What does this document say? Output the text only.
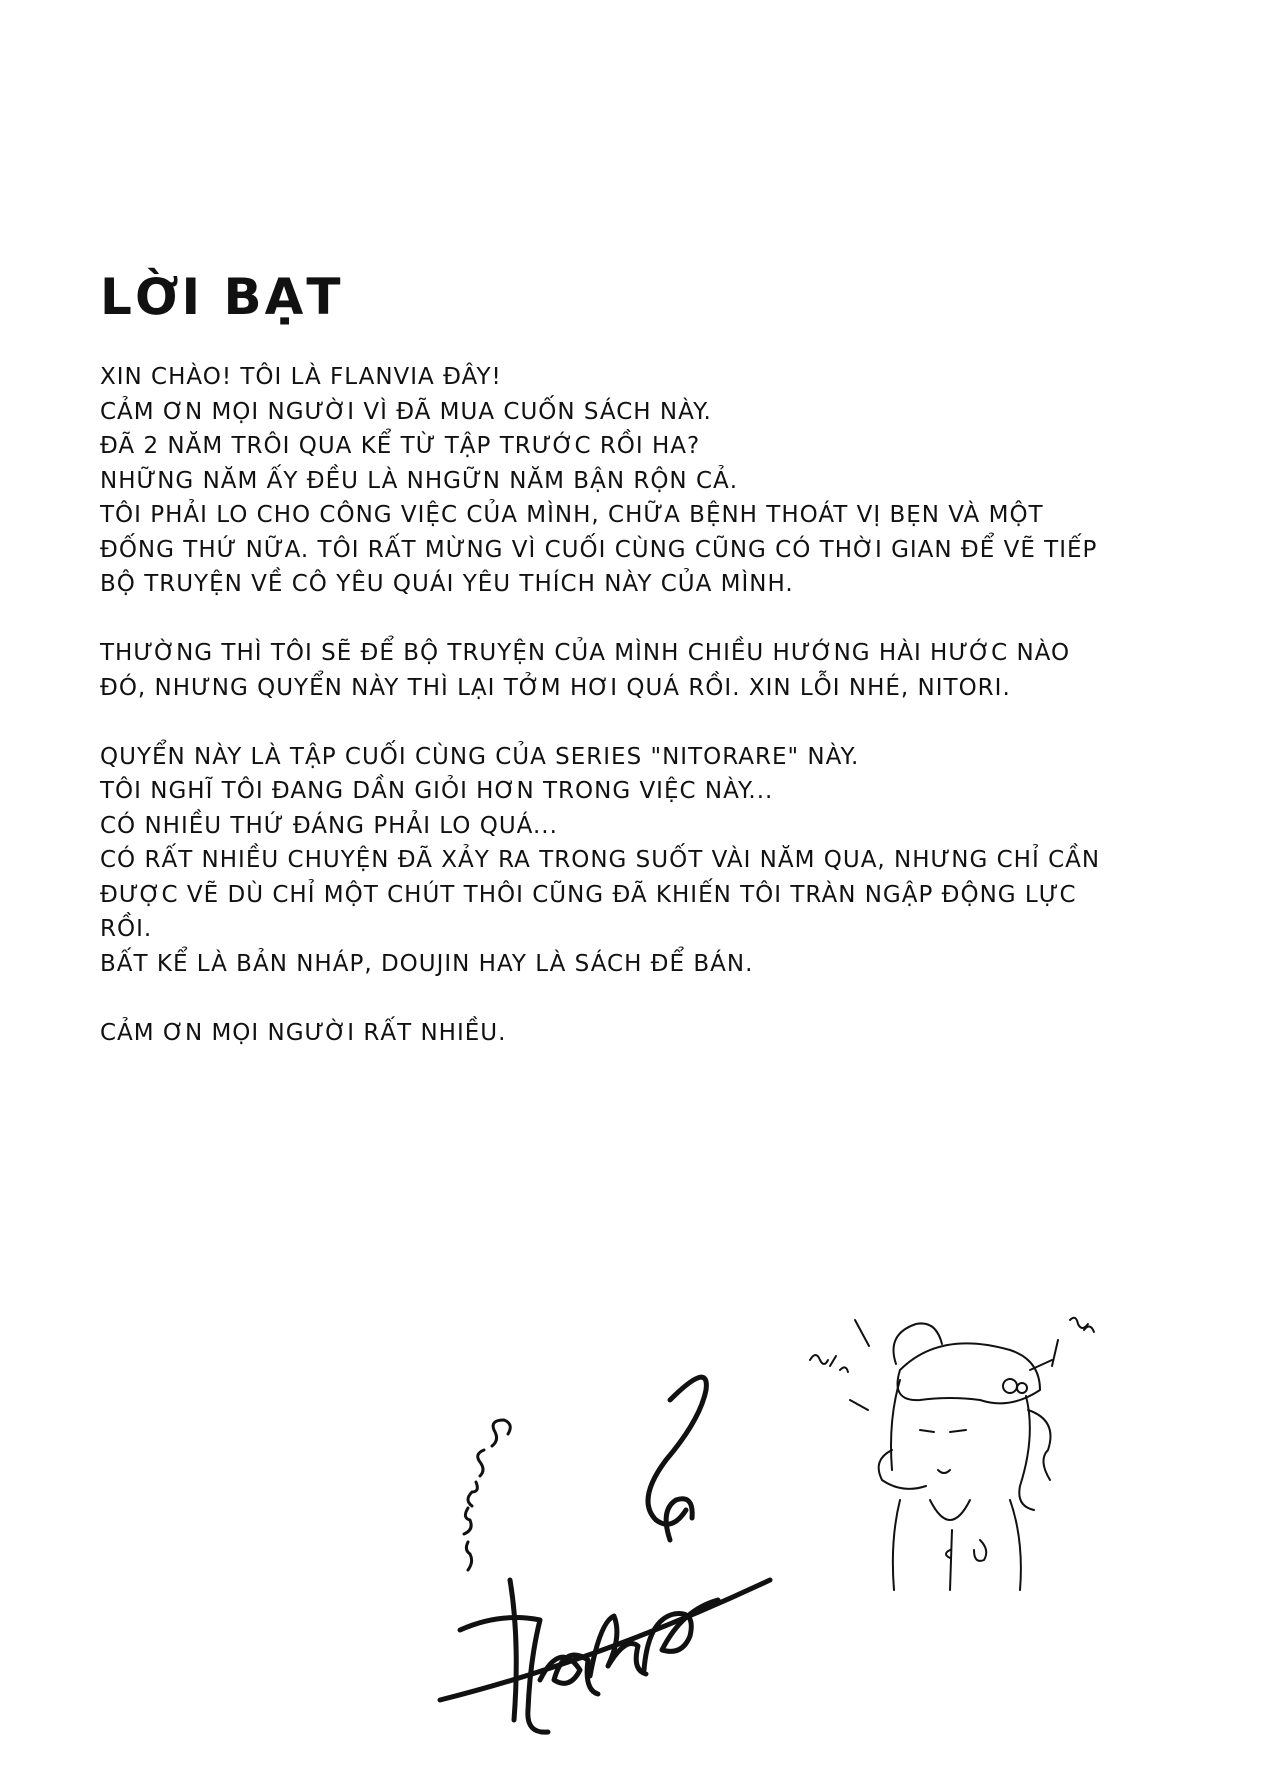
LỜI BẠT

XIN CHÀO! TÔI LÀ FLANVIA ĐÂY!
CẢM ƠN MỌI NGƯỜI VÌ ĐÃ MUA CUỐN SÁCH NÀY.
ĐÃ 2 NĂM TRÔI QUA KỂ TỪ TẬP TRƯỚC RỒI HA?
NHỮNG NĂM ẤY ĐỀU LÀ NHGỮN NĂM BẬN RỘN CẢ.
TÔI PHẢI LO CHO CÔNG VIỆC CỦA MÌNH, CHỮA BỆNH THOÁT VỊ BẸN VÀ MỘT
ĐỐNG THỨ NỮA. TÔI RẤT MỪNG VÌ CUỐI CÙNG CŨNG CÓ THỜI GIAN ĐỂ VẼ TIẾP
BỘ TRUYỆN VỀ CÔ YÊU QUÁI YÊU THÍCH NÀY CỦA MÌNH.

THƯỜNG THÌ TÔI SẼ ĐỂ BỘ TRUYỆN CỦA MÌNH CHIỀU HƯỚNG HÀI HƯỚC NÀO
ĐÓ, NHƯNG QUYỂN NÀY THÌ LẠI TỞM HƠI QUÁ RỒI. XIN LỖI NHÉ, NITORI.

QUYỂN NÀY LÀ TẬP CUỐI CÙNG CỦA SERIES "NITORARE" NÀY.
TÔI NGHĨ TÔI ĐANG DẦN GIỎI HƠN TRONG VIỆC NÀY...
CÓ NHIỀU THỨ ĐÁNG PHẢI LO QUÁ...
CÓ RẤT NHIỀU CHUYỆN ĐÃ XẢY RA TRONG SUỐT VÀI NĂM QUA, NHƯNG CHỈ CẦN
ĐƯỢC VẼ DÙ CHỈ MỘT CHÚT THÔI CŨNG ĐÃ KHIẾN TÔI TRÀN NGẬP ĐỘNG LỰC
RỒI.
BẤT KỂ LÀ BẢN NHÁP, DOUJIN HAY LÀ SÁCH ĐỂ BÁN.

CẢM ƠN MỌI NGƯỜI RẤT NHIỀU.
